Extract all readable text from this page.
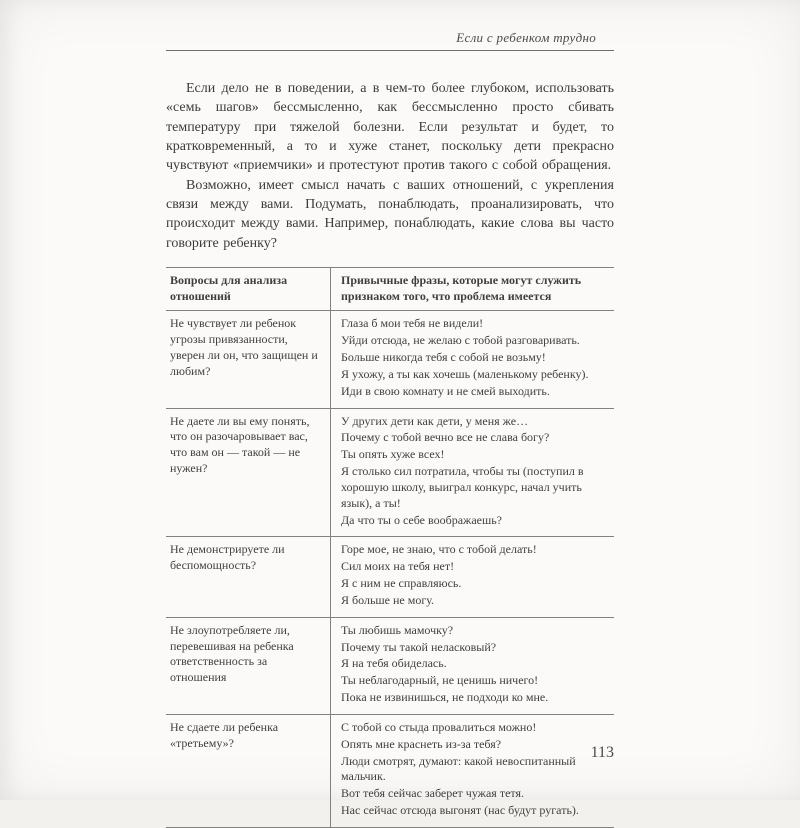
Если с ребенком трудно

Если дело не в поведении, а в чем-то более глубоком, использовать «семь шагов» бессмысленно, как бессмысленно просто сбивать температуру при тяжелой болезни. Если результат и будет, то кратковременный, а то и хуже станет, поскольку дети прекрасно чувствуют «приемчики» и протестуют против такого с собой обращения.

Возможно, имеет смысл начать с ваших отношений, с укрепления связи между вами. Подумать, понаблюдать, проанализировать, что происходит между вами. Например, понаблюдать, какие слова вы часто говорите ребенку?

Вопросы для анализа отношений	Привычные фразы, которые могут служить признаком того, что проблема имеется
Не чувствует ли ребенок угрозы привязанности, уверен ли он, что защищен и любим?	Глаза б мои тебя не видели!
Уйди отсюда, не желаю с тобой разговаривать.
Больше никогда тебя с собой не возьму!
Я ухожу, а ты как хочешь (маленькому ребенку).
Иди в свою комнату и не смей выходить.

Не даете ли вы ему понять, что он разочаровывает вас, что вам он — такой — не нужен?	У других дети как дети, у меня же…
Почему с тобой вечно все не слава богу?
Ты опять хуже всех!
Я столько сил потратила, чтобы ты (поступил в хорошую школу, выиграл конкурс, начал учить язык), а ты!
Да что ты о себе воображаешь?

Не демонстрируете ли беспомощность?	Горе мое, не знаю, что с тобой делать!
Сил моих на тебя нет!
Я с ним не справляюсь.
Я больше не могу.

Не злоупотребляете ли, перевешивая на ребенка ответственность за отношения	Ты любишь мамочку?
Почему ты такой неласковый?
Я на тебя обиделась.
Ты неблагодарный, не ценишь ничего!
Пока не извинишься, не подходи ко мне.

Не сдаете ли ребенка «третьему»?	С тобой со стыда провалиться можно!
Опять мне краснеть из-за тебя?
Люди смотрят, думают: какой невоспитанный мальчик.
Вот тебя сейчас заберет чужая тетя.
Нас сейчас отсюда выгонят (нас будут ругать).
113
